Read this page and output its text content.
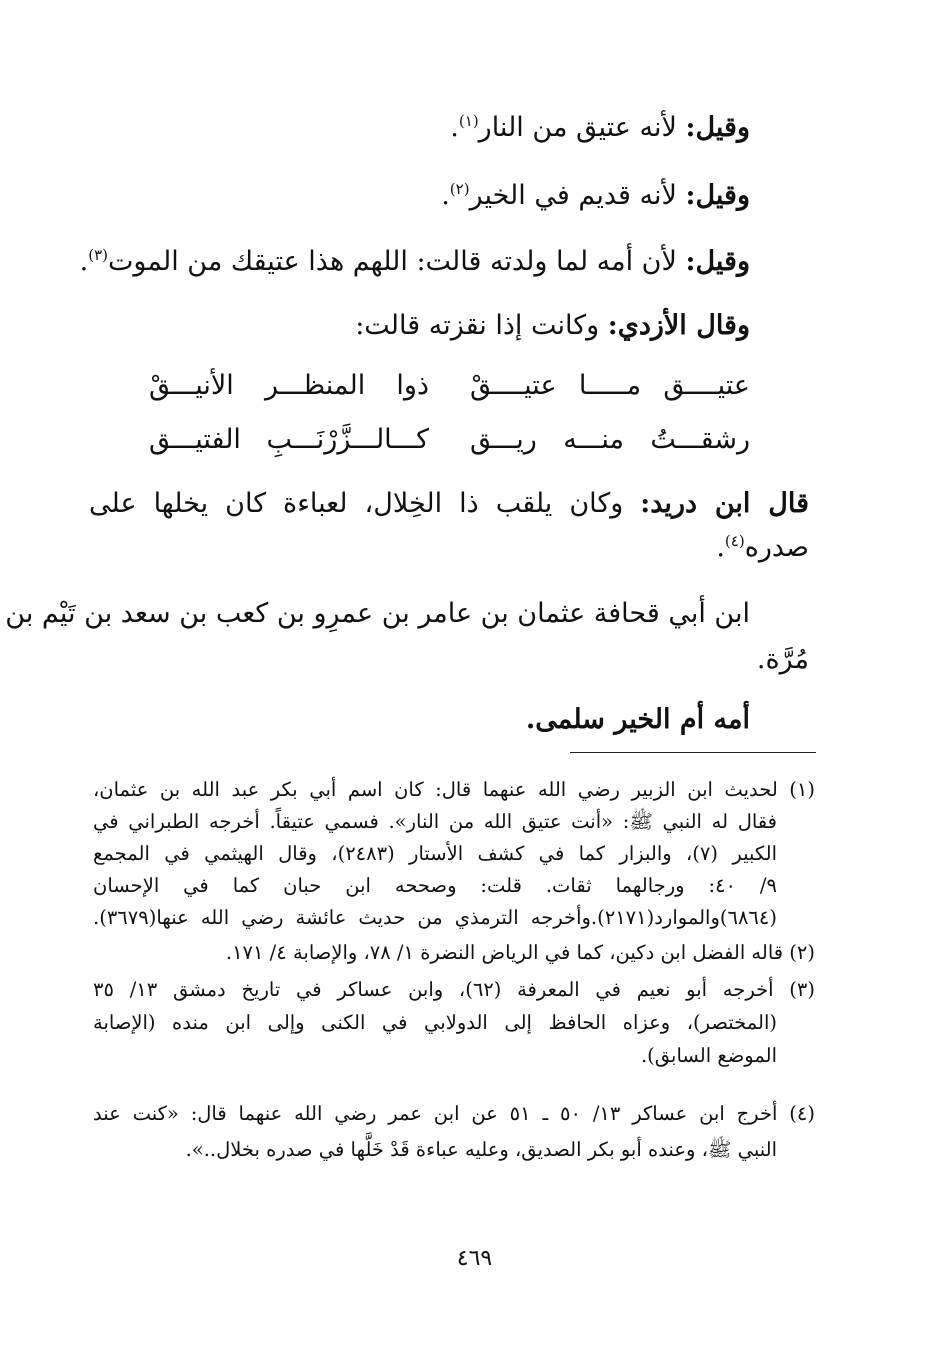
وقيل: لأنه عتيق من النار$^{(١)}$.
وقيل: لأنه قديم في الخير$^{(٢)}$.
وقيل: لأن أمه لما ولدته قالت: اللهم هذا عتيقك من الموت$^{(٣)}$.
وقال الأزدي: وكانت إذا نقزته قالت:
عتيــــق مـــــا عتيــــقْ
ذوا المنظـــر الأنيـــقْ
رشقـــتُ منـــه ريـــق
كـــالـــزَّرْنَـــبِ الفتيـــق
قال ابن دريد: وكان يلقب ذا الخِلال، لعباءة كان يخلها على
صدره$^{(٤)}$.
ابن أبي قحافة عثمان بن عامر بن عمرِو بن كعب بن سعد بن تَيْم بن
مُرَّة.
أمه أم الخير سلمى.
(١) لحديث ابن الزبير رضي الله عنهما قال: كان اسم أبي بكر عبد الله بن عثمان،
فقال له النبي ﷺ: «أنت عتيق الله من النار». فسمي عتيقاً. أخرجه الطبراني في
الكبير (٧)، والبزار كما في كشف الأستار (٢٤٨٣)، وقال الهيثمي في المجمع
٩/ ٤٠: ورجالهما ثقات. قلت: وصححه ابن حبان كما في الإحسان
(٦٨٦٤)والموارد(٢١٧١).وأخرجه الترمذي من حديث عائشة رضي الله عنها(٣٦٧٩).
(٢) قاله الفضل ابن دكين، كما في الرياض النضرة ١/ ٧٨، والإصابة ٤/ ١٧١.
(٣) أخرجه أبو نعيم في المعرفة (٦٢)، وابن عساكر في تاريخ دمشق ١٣/ ٣٥
(المختصر)، وعزاه الحافظ إلى الدولابي في الكنى وإلى ابن منده (الإصابة
الموضع السابق).
(٤) أخرج ابن عساكر ١٣/ ٥٠ ـ ٥١ عن ابن عمر رضي الله عنهما قال: «كنت عند
النبي ﷺ، وعنده أبو بكر الصديق، وعليه عباءة قَدْ خَلَّها في صدره بخلال..».
٤٦٩
